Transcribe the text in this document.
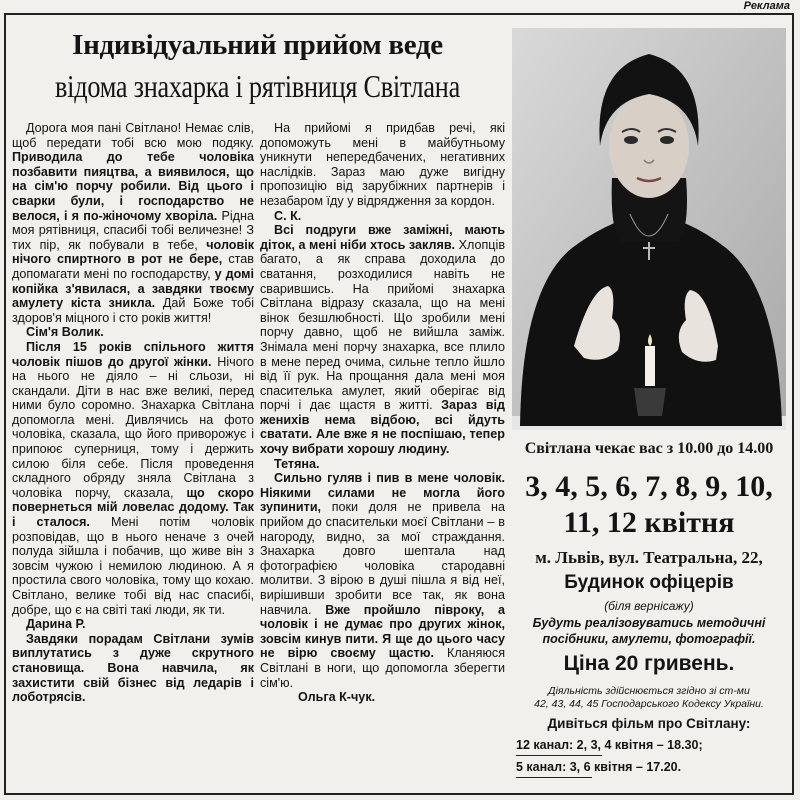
Реклама
Індивідуальний прийом веде
відома знахарка і рятівниця Світлана

Дорога моя пані Світлано! Немає слів, щоб передати тобі всю мою подяку. Приводила до тебе чоловіка позбавити пияцтва, а виявилося, що на сім'ю порчу робили. Від цього і сварки були, і господарство не велося, і я по-жіночому хворіла. Рідна моя рятівниця, спасибі тобі величезне! З тих пір, як побували в тебе, чоловік нічого спиртного в рот не бере, став допомагати мені по господарству, у домі копійка з'явилася, а завдяки твоєму амулету кіста зникла. Дай Боже тобі здоров'я міцного і сто років життя!

Сім'я Волик.

Після 15 років спільного життя чоловік пішов до другої жінки. Нічого на нього не діяло – ні сльози, ні скандали. Діти в нас вже великі, перед ними було соромно. Знахарка Світлана допомогла мені. Дивлячись на фото чоловіка, сказала, що його приворожує і припоює суперниця, тому і держить силою біля себе. Після проведення складного обряду зняла Світлана з чоловіка порчу, сказала, що скоро повернеться мій ловелас додому. Так і сталося. Мені потім чоловік розповідав, що в нього неначе з очей полуда зійшла і побачив, що живе він з зовсім чужою і немилою людиною. А я простила свого чоловіка, тому що кохаю. Світлано, велике тобі від нас спасибі, добре, що є на світі такі люди, як ти.

Дарина Р.

Завдяки порадам Світлани зумів виплутатись з дуже скрутного становища. Вона навчила, як захистити свій бізнес від ледарів і лоботрясів.

На прийомі я придбав речі, які допоможуть мені в майбутньому уникнути непередбачених, негативних наслідків. Зараз маю дуже вигідну пропозицію від зарубіжних партнерів і незабаром їду у відрядження за кордон.

С. К.

Всі подруги вже заміжні, мають діток, а мені ніби хтось закляв. Хлопців багато, а як справа доходила до сватання, розходилися навіть не сварившись. На прийомі знахарка Світлана відразу сказала, що на мені вінок безшлюбності. Що зробили мені порчу давно, щоб не вийшла заміж. Знімала мені порчу знахарка, все плило в мене перед очима, сильне тепло йшло від її рук. На прощання дала мені моя спасителька амулет, який оберігає від порчі і дає щастя в житті. Зараз від женихів нема відбою, всі йдуть сватати. Але вже я не поспішаю, тепер хочу вибрати хорошу людину.

Тетяна.

Сильно гуляв і пив в мене чоловік. Ніякими силами не могла його зупинити, поки доля не привела на прийом до спасительки моєї Світлани – в нагороду, видно, за мої страждання. Знахарка довго шептала над фотографією чоловіка стародавні молитви. З вірою в душі пішла я від неї, вирішивши зробити все так, як вона навчила. Вже пройшло півроку, а чоловік і не думає про других жінок, зовсім кинув пити. Я ще до цього часу не вірю своєму щастю. Кланяюся Світлані в ноги, що допомогла зберегти сім'ю.

Ольга К-чук.

Світлана чекає вас з 10.00 до 14.00
3, 4, 5, 6, 7, 8, 9, 10,
11, 12 квітня
м. Львів, вул. Театральна, 22,
Будинок офіцерів
(біля вернісажу)
Будуть реалізовуватись методичні
посібники, амулети, фотографії.
Ціна 20 гривень.
Діяльність здійснюється згідно зі ст-ми
42, 43, 44, 45 Господарського Кодексу України.
Дивіться фільм про Світлану:
12 канал: 2, 3, 4 квітня – 18.30;
5 канал: 3, 6 квітня – 17.20.
